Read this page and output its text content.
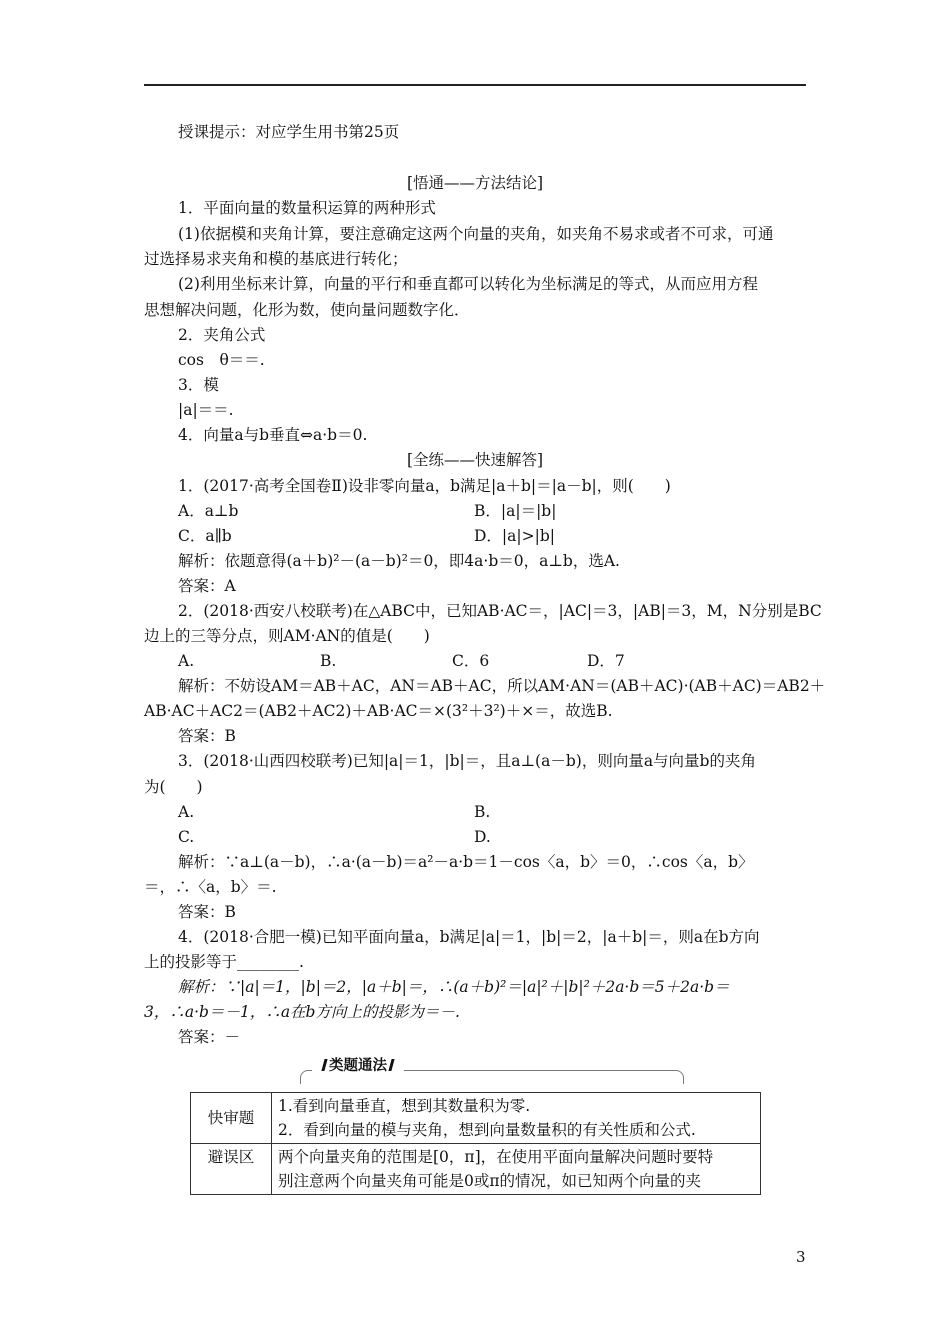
授课提示：对应学生用书第25页
[悟通——方法结论]
1．平面向量的数量积运算的两种形式
(1)依据模和夹角计算，要注意确定这两个向量的夹角，如夹角不易求或者不可求，可通
过选择易求夹角和模的基底进行转化；
(2)利用坐标来计算，向量的平行和垂直都可以转化为坐标满足的等式，从而应用方程
思想解决问题，化形为数，使向量问题数字化．
2．夹角公式
cos　θ＝＝.
3．模
|a|＝＝.
4．向量a与b垂直⇔a·b＝0.
[全练——快速解答]
1．(2017·高考全国卷Ⅱ)设非零向量a，b满足|a＋b|＝|a－b|，则(　　)
A．a⊥b	B．|a|＝|b|
C．a∥b	D．|a|>|b|
解析：依题意得(a＋b)²－(a－b)²＝0，即4a·b＝0，a⊥b，选A.
答案：A
2．(2018·西安八校联考)在△ABC中，已知AB·AC＝，|AC|＝3，|AB|＝3，M，N分别是BC
边上的三等分点，则AM·AN的值是(　　)
A.	B.	C．6	D．7
解析：不妨设AM＝AB＋AC，AN＝AB＋AC，所以AM·AN＝(AB＋AC)·(AB＋AC)＝AB2＋
AB·AC＋AC2＝(AB2＋AC2)＋AB·AC＝×(3²＋3²)＋×＝，故选B.
答案：B
3．(2018·山西四校联考)已知|a|＝1，|b|＝，且a⊥(a－b)，则向量a与向量b的夹角
为(　　)
A.	B.
C.	D.
解析：∵a⊥(a－b)，∴a·(a－b)＝a²－a·b＝1－cos〈a，b〉＝0，∴cos〈a，b〉
＝，∴〈a，b〉＝.
答案：B
4．(2018·合肥一模)已知平面向量a，b满足|a|＝1，|b|＝2，|a＋b|＝，则a在b方向
上的投影等于________.
解析：∵|a|＝1，|b|＝2，|a＋b|＝，∴(a＋b)²＝|a|²＋|b|²＋2a·b＝5＋2a·b＝
3，∴a·b＝－1，∴a在b方向上的投影为＝－.
答案：－
类题通法
快审题	1.看到向量垂直，想到其数量积为零.
2．看到向量的模与夹角，想到向量数量积的有关性质和公式.

避误区	两个向量夹角的范围是[0，π]，在使用平面向量解决问题时要特
别注意两个向量夹角可能是0或π的情况，如已知两个向量的夹
3
